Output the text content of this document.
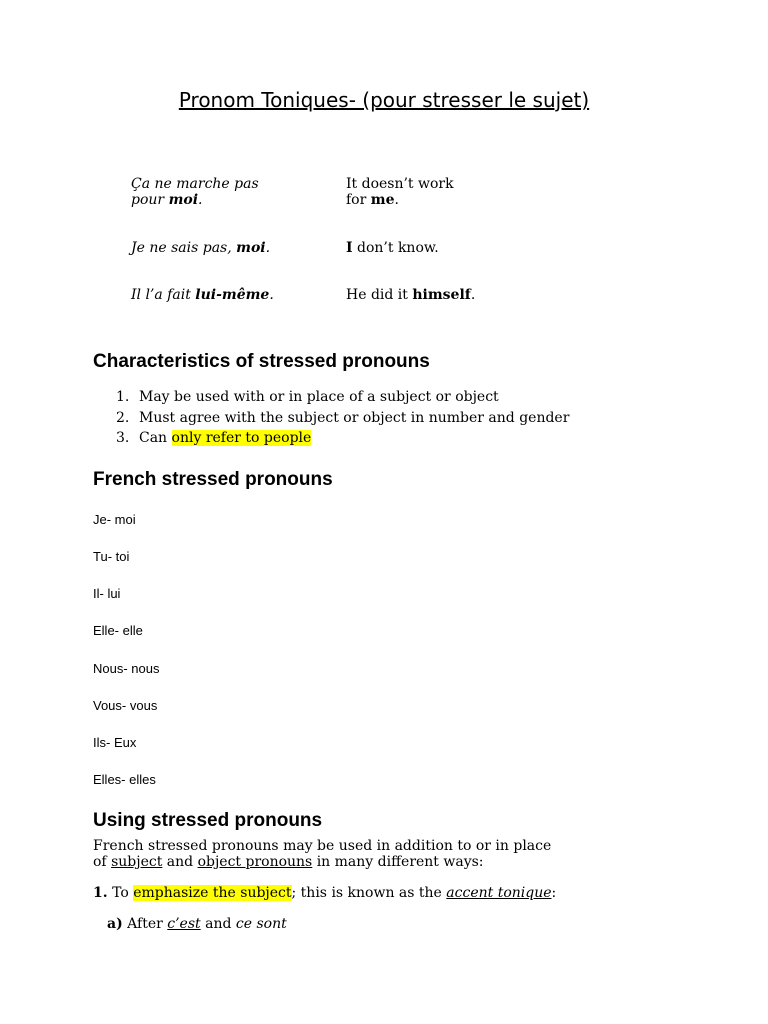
Pronom Toniques- (pour stresser le sujet)
Ça ne marche pas
pour moi.
It doesn’t work
for me.
Je ne sais pas, moi.	I don’t know.
Il l’a fait lui-même.	He did it himself.
Characteristics of stressed pronouns
1. May be used with or in place of a subject or object
2. Must agree with the subject or object in number and gender
3. Can only refer to people
French stressed pronouns
Je- moi
Tu- toi
Il- lui
Elle- elle
Nous- nous
Vous- vous
Ils- Eux
Elles- elles
Using stressed pronouns
French stressed pronouns may be used in addition to or in place
of subject and object pronouns in many different ways:
1. To emphasize the subject; this is known as the accent tonique:
a) After c’est and ce sont
